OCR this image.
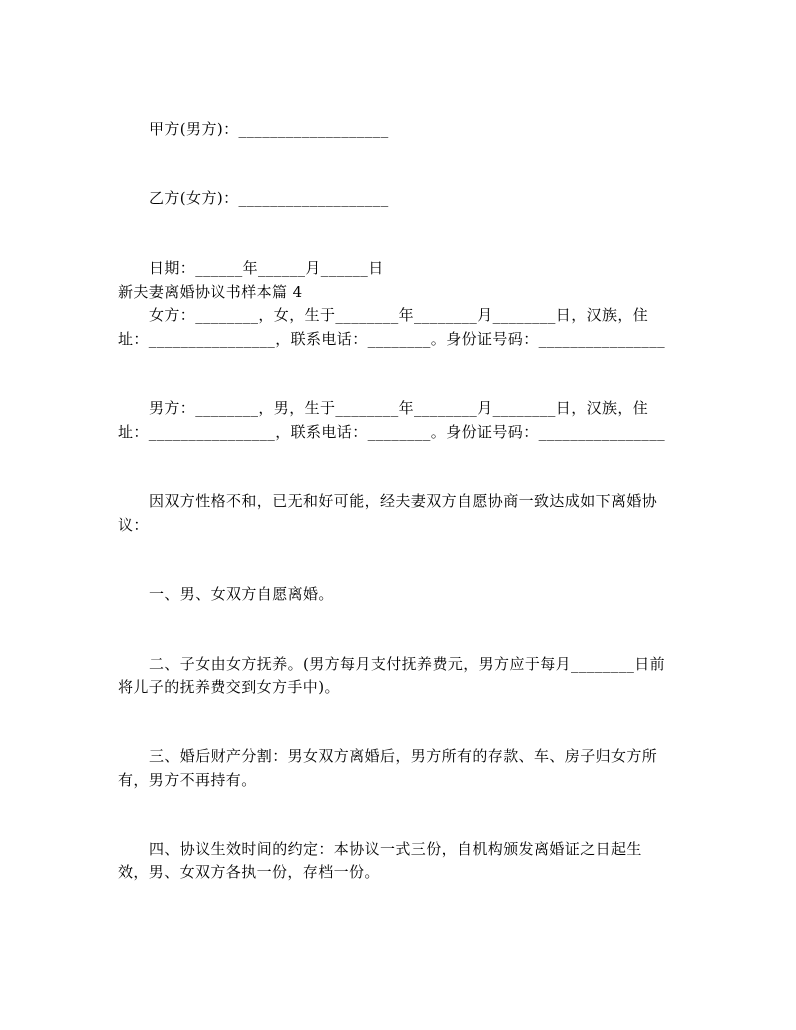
甲方(男方)：___________________
乙方(女方)：___________________
日期：______年______月______日
新夫妻离婚协议书样本篇 4
女方：________，女，生于________年________月________日，汉族，住
址：________________，联系电话：________。身份证号码：________________
男方：________，男，生于________年________月________日，汉族，住
址：________________，联系电话：________。身份证号码：________________
因双方性格不和，已无和好可能，经夫妻双方自愿协商一致达成如下离婚协
议：
一、男、女双方自愿离婚。
二、子女由女方抚养。(男方每月支付抚养费元，男方应于每月________日前
将儿子的抚养费交到女方手中)。
三、婚后财产分割：男女双方离婚后，男方所有的存款、车、房子归女方所
有，男方不再持有。
四、协议生效时间的约定：本协议一式三份，自机构颁发离婚证之日起生
效，男、女双方各执一份，存档一份。
